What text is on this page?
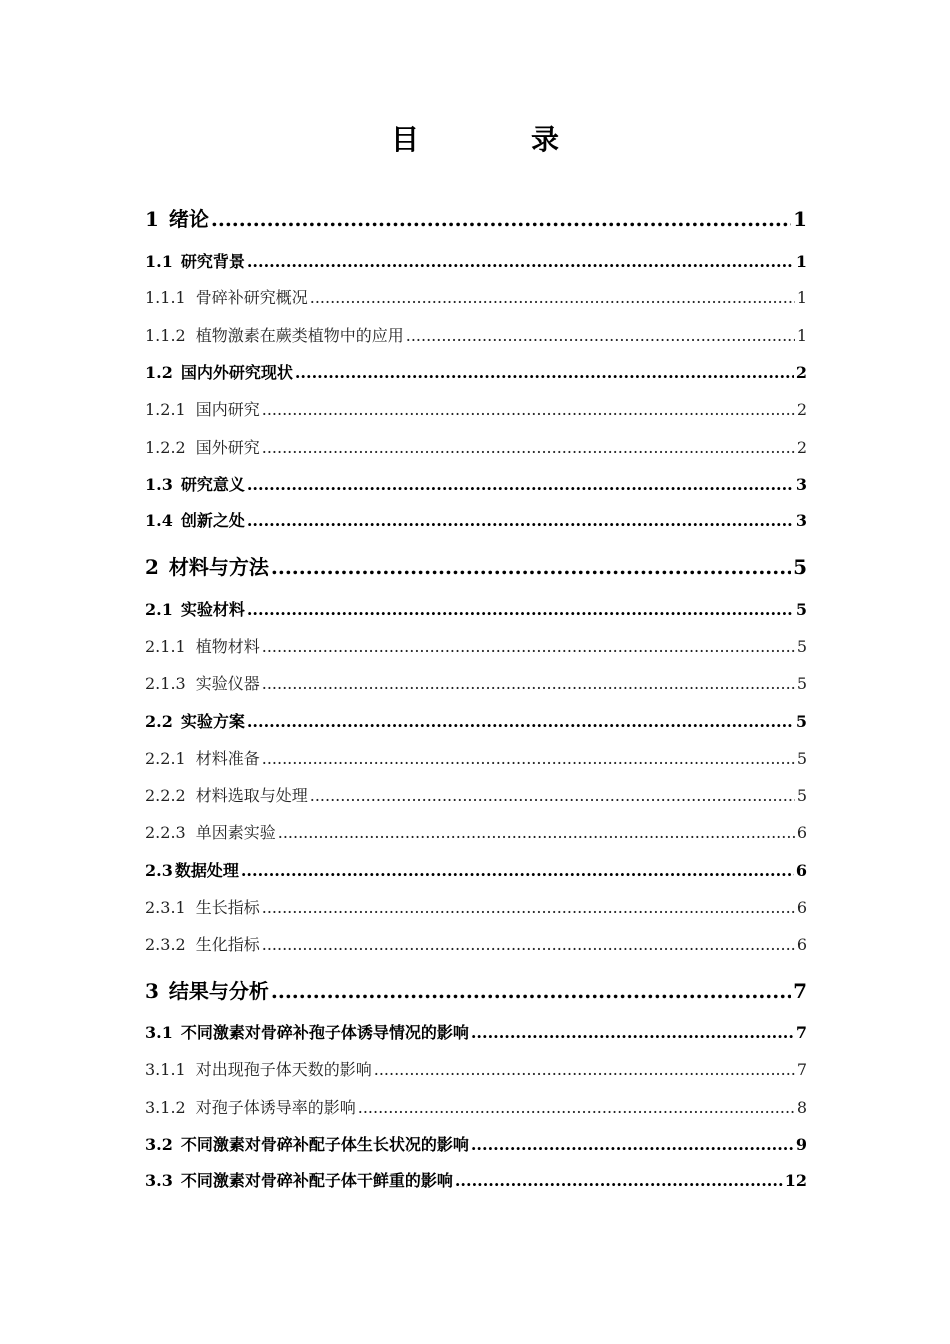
目　录
1 绪论 .....	1
1.1 研究背景 .....	1
1.1.1 骨碎补研究概况 .....	1
1.1.2 植物激素在蕨类植物中的应用 .....	1
1.2 国内外研究现状 .....	2
1.2.1 国内研究 .....	2
1.2.2 国外研究 .....	2
1.3 研究意义 .....	3
1.4 创新之处 .....	3
2 材料与方法 .....	5
2.1 实验材料 .....	5
2.1.1 植物材料 .....	5
2.1.3 实验仪器 .....	5
2.2 实验方案 .....	5
2.2.1 材料准备 .....	5
2.2.2 材料选取与处理 .....	5
2.2.3 单因素实验 .....	6
2.3 数据处理 .....	6
2.3.1 生长指标 .....	6
2.3.2 生化指标 .....	6
3 结果与分析 .....	7
3.1 不同激素对骨碎补孢子体诱导情况的影响 .....	7
3.1.1 对出现孢子体天数的影响 .....	7
3.1.2 对孢子体诱导率的影响 .....	8
3.2 不同激素对骨碎补配子体生长状况的影响 .....	9
3.3 不同激素对骨碎补配子体干鲜重的影响 .....	12
